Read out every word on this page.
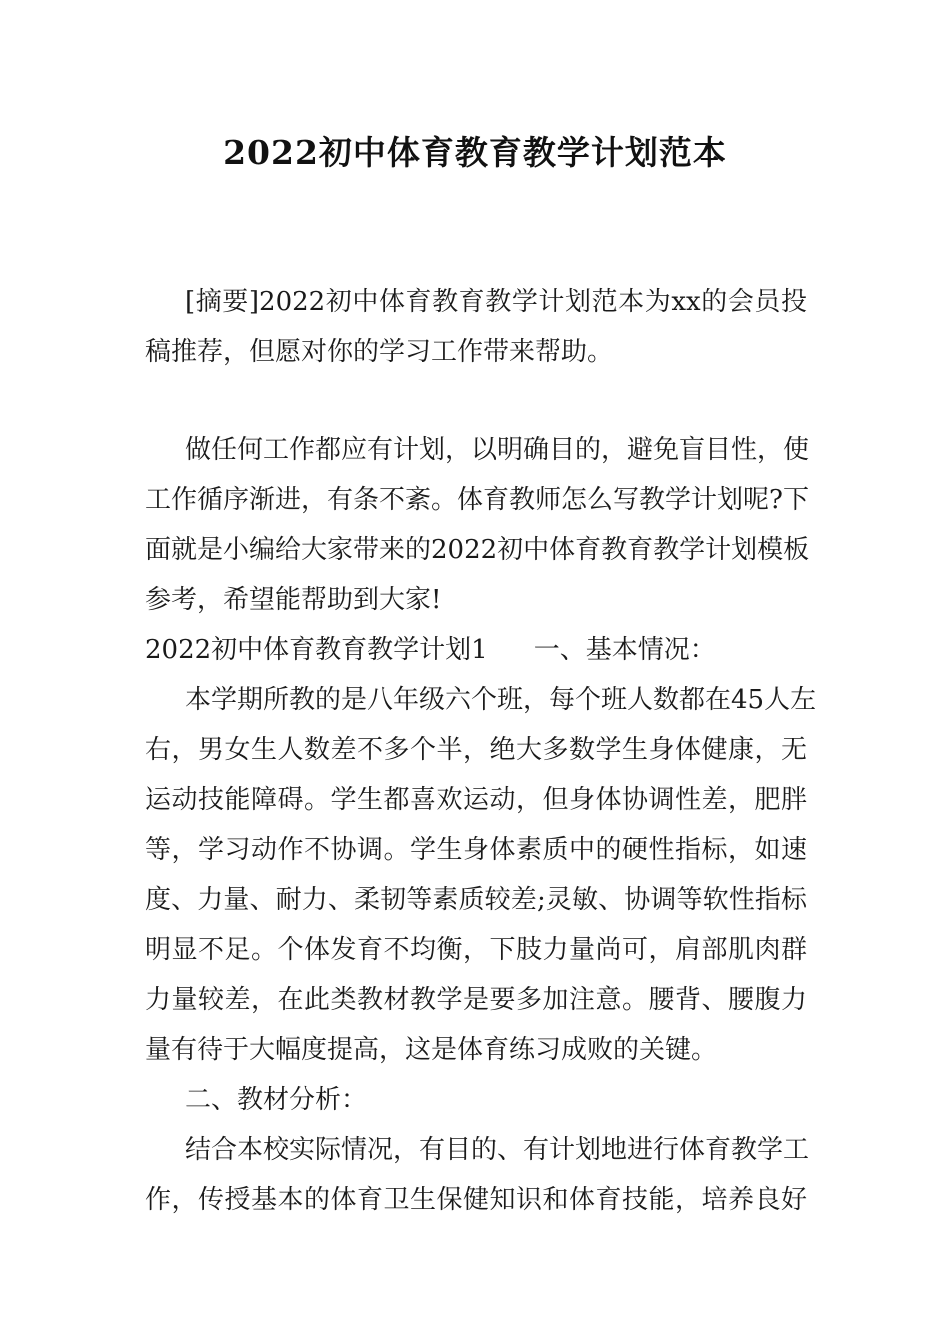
2022初中体育教育教学计划范本
[摘要]2022初中体育教育教学计划范本为xx的会员投
稿推荐，但愿对你的学习工作带来帮助。
做任何工作都应有计划，以明确目的，避免盲目性，使
工作循序渐进，有条不紊。体育教师怎么写教学计划呢?下
面就是小编给大家带来的2022初中体育教育教学计划模板
参考，希望能帮助到大家!
2022初中体育教育教学计划1 一、基本情况：
本学期所教的是八年级六个班，每个班人数都在45人左
右，男女生人数差不多个半，绝大多数学生身体健康，无
运动技能障碍。学生都喜欢运动，但身体协调性差，肥胖
等，学习动作不协调。学生身体素质中的硬性指标，如速
度、力量、耐力、柔韧等素质较差;灵敏、协调等软性指标
明显不足。个体发育不均衡，下肢力量尚可，肩部肌肉群
力量较差，在此类教材教学是要多加注意。腰背、腰腹力
量有待于大幅度提高，这是体育练习成败的关键。
二、教材分析：
结合本校实际情况，有目的、有计划地进行体育教学工
作，传授基本的体育卫生保健知识和体育技能，培养良好
